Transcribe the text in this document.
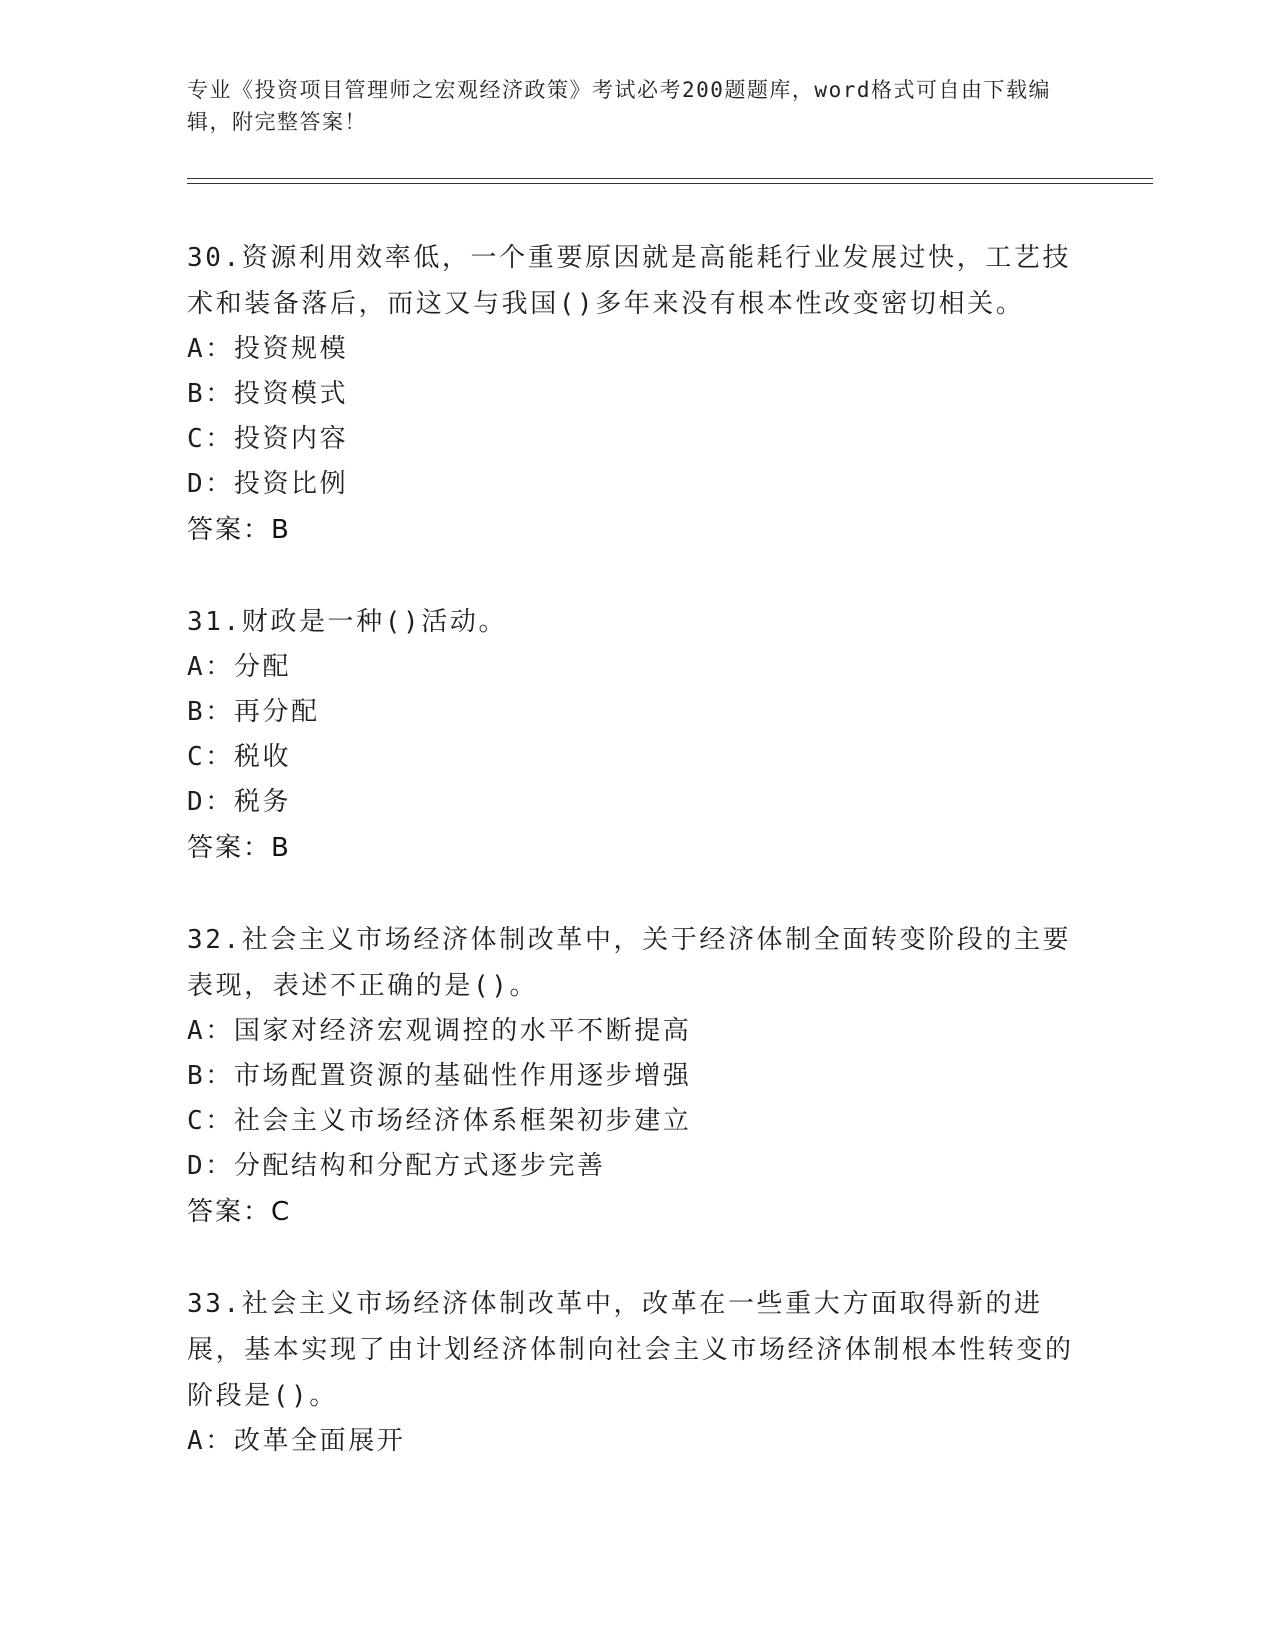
专业《投资项目管理师之宏观经济政策》考试必考200题题库，word格式可自由下载编辑，附完整答案！
30.资源利用效率低，一个重要原因就是高能耗行业发展过快，工艺技术和装备落后，而这又与我国()多年来没有根本性改变密切相关。
A：投资规模
B：投资模式
C：投资内容
D：投资比例
答案：B
31.财政是一种()活动。
A：分配
B：再分配
C：税收
D：税务
答案：B
32.社会主义市场经济体制改革中，关于经济体制全面转变阶段的主要表现，表述不正确的是()。
A：国家对经济宏观调控的水平不断提高
B：市场配置资源的基础性作用逐步增强
C：社会主义市场经济体系框架初步建立
D：分配结构和分配方式逐步完善
答案：C
33.社会主义市场经济体制改革中，改革在一些重大方面取得新的进展，基本实现了由计划经济体制向社会主义市场经济体制根本性转变的阶段是()。
A：改革全面展开
